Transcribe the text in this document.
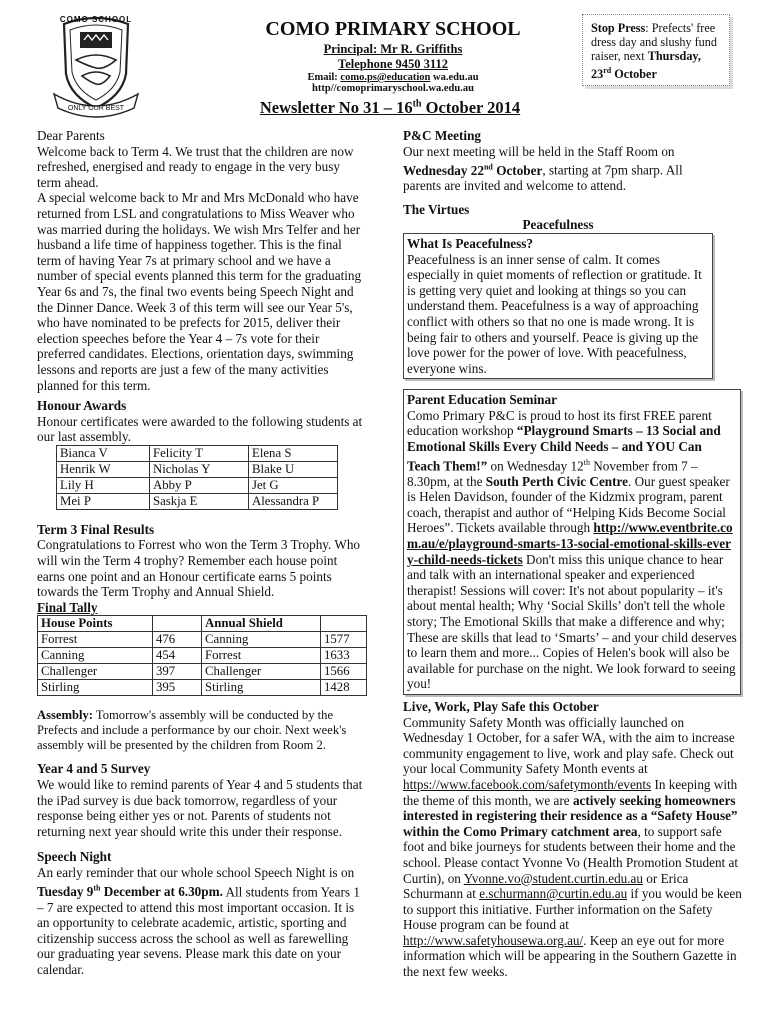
COMO SCHOOL
ONLY OUR BEST
COMO PRIMARY SCHOOL
Principal: Mr R. Griffiths
Telephone 9450 3112
Email: como.ps@education wa.edu.au
http//comoprimaryschool.wa.edu.au
Newsletter No 31 – 16th October 2014
Stop Press: Prefects' free dress day and slushy fund raiser, next Thursday, 23rd October

Dear Parents

Welcome back to Term 4. We trust that the children are now refreshed, energised and ready to engage in the very busy term ahead.

A special welcome back to Mr and Mrs McDonald who have returned from LSL and congratulations to Miss Weaver who was married during the holidays. We wish Mrs Telfer and her husband a life time of happiness together. This is the final term of having Year 7s at primary school and we have a number of special events planned this term for the graduating Year 6s and 7s, the final two events being Speech Night and the Dinner Dance. Week 3 of this term will see our Year 5's, who have nominated to be prefects for 2015, deliver their election speeches before the Year 4 – 7s vote for their preferred candidates. Elections, orientation days, swimming lessons and reports are just a few of the many activities planned for this term.

Honour Awards

Honour certificates were awarded to the following students at our last assembly.

Bianca V	Felicity T	Elena S
Henrik W	Nicholas Y	Blake U
Lily H	Abby P	Jet G
Mei P	Saskja E	Alessandra P
Term 3 Final Results

Congratulations to Forrest who won the Term 3 Trophy. Who will win the Term 4 trophy? Remember each house point earns one point and an Honour certificate earns 5 points towards the Term Trophy and Annual Shield.

Final Tally

House Points		Annual Shield	
Forrest	476	Canning	1577
Canning	454	Forrest	1633
Challenger	397	Challenger	1566
Stirling	395	Stirling	1428

Assembly: Tomorrow's assembly will be conducted by the Prefects and include a performance by our choir. Next week's assembly will be presented by the children from Room 2.

Year 4 and 5 Survey

We would like to remind parents of Year 4 and 5 students that the iPad survey is due back tomorrow, regardless of your response being either yes or not. Parents of students not returning next year should write this under their response.

Speech Night

An early reminder that our whole school Speech Night is on Tuesday 9th December at 6.30pm. All students from Years 1 – 7 are expected to attend this most important occasion. It is an opportunity to celebrate academic, artistic, sporting and citizenship success across the school as well as farewelling our graduating year sevens. Please mark this date on your calendar.

P&C Meeting

Our next meeting will be held in the Staff Room on Wednesday 22nd October, starting at 7pm sharp. All parents are invited and welcome to attend.

The Virtues

Peacefulness

What Is Peacefulness?

Peacefulness is an inner sense of calm. It comes especially in quiet moments of reflection or gratitude. It is getting very quiet and looking at things so you can understand them. Peacefulness is a way of approaching conflict with others so that no one is made wrong. It is being fair to others and yourself. Peace is giving up the love power for the power of love. With peacefulness, everyone wins.

Parent Education Seminar

Como Primary P&C is proud to host its first FREE parent education workshop “Playground Smarts – 13 Social and Emotional Skills Every Child Needs – and YOU Can Teach Them!” on Wednesday 12th November from 7 – 8.30pm, at the South Perth Civic Centre. Our guest speaker is Helen Davidson, founder of the Kidzmix program, parent coach, therapist and author of “Helping Kids Become Social Heroes”. Tickets available through http://www.eventbrite.com.au/e/playground-smarts-13-social-emotional-skills-every-child-needs-tickets Don't miss this unique chance to hear and talk with an international speaker and experienced therapist! Sessions will cover: It's not about popularity – it's about mental health; Why ‘Social Skills’ don't tell the whole story; The Emotional Skills that make a difference and why; These are skills that lead to ‘Smarts’ – and your child deserves to learn them and more... Copies of Helen's book will also be available for purchase on the night. We look forward to seeing you!

Live, Work, Play Safe this October

Community Safety Month was officially launched on Wednesday 1 October, for a safer WA, with the aim to increase community engagement to live, work and play safe. Check out your local Community Safety Month events at https://www.facebook.com/safetymonth/events In keeping with the theme of this month, we are actively seeking homeowners interested in registering their residence as a “Safety House” within the Como Primary catchment area, to support safe foot and bike journeys for students between their home and the school. Please contact Yvonne Vo (Health Promotion Student at Curtin), on Yvonne.vo@student.curtin.edu.au or Erica Schurmann at e.schurmann@curtin.edu.au if you would be keen to support this initiative. Further information on the Safety House program can be found at http://www.safetyhousewa.org.au/. Keep an eye out for more information which will be appearing in the Southern Gazette in the next few weeks.
